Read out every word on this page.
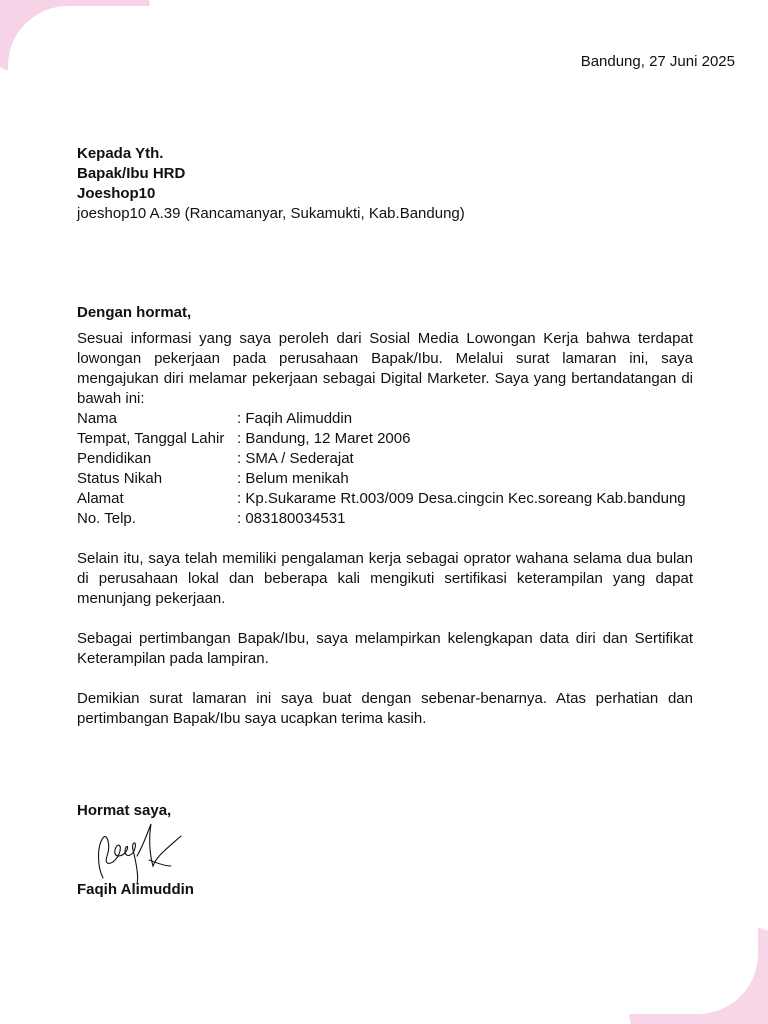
Bandung, 27 Juni 2025
Kepada Yth.
Bapak/Ibu HRD
Joeshop10
joeshop10 A.39 (Rancamanyar, Sukamukti, Kab.Bandung)
Dengan hormat,

Sesuai informasi yang saya peroleh dari Sosial Media Lowongan Kerja bahwa terdapat lowongan pekerjaan pada perusahaan Bapak/Ibu. Melalui surat lamaran ini, saya mengajukan diri melamar pekerjaan sebagai Digital Marketer. Saya yang bertandatangan di bawah ini:

Nama	: Faqih Alimuddin
Tempat, Tanggal Lahir : Bandung, 12 Maret 2006
Pendidikan	: SMA / Sederajat
Status Nikah	: Belum menikah
Alamat	: Kp.Sukarame Rt.003/009 Desa.cingcin Kec.soreang Kab.bandung
No. Telp.	: 083180034531

Selain itu, saya telah memiliki pengalaman kerja sebagai oprator wahana selama dua bulan di perusahaan lokal dan beberapa kali mengikuti sertifikasi keterampilan yang dapat menunjang pekerjaan.

Sebagai pertimbangan Bapak/Ibu, saya melampirkan kelengkapan data diri dan Sertifikat Keterampilan pada lampiran.

Demikian surat lamaran ini saya buat dengan sebenar-benarnya. Atas perhatian dan pertimbangan Bapak/Ibu saya ucapkan terima kasih.

Hormat saya,
Faqih Alimuddin
